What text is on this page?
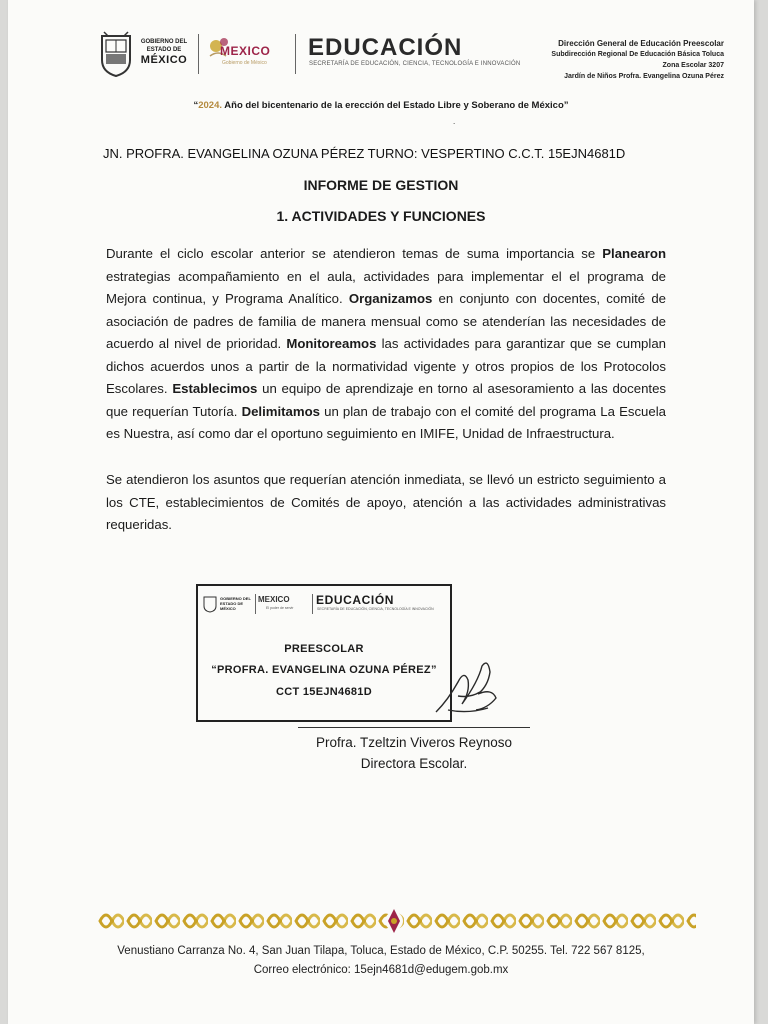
GOBIERNO DEL
ESTADO DE
MÉXICO
MEXICO
Gobierno de México
EDUCACIÓN
SECRETARÍA DE EDUCACIÓN, CIENCIA, TECNOLOGÍA E INNOVACIÓN
Dirección General de Educación Preescolar
Subdirección Regional De Educación Básica Toluca
Zona Escolar 3207
Jardín de Niños Profra. Evangelina Ozuna Pérez
“2024. Año del bicentenario de la erección del Estado Libre y Soberano de México”
.
JN. PROFRA. EVANGELINA OZUNA PÉREZ TURNO: VESPERTINO C.C.T. 15EJN4681D
INFORME DE GESTION
1. ACTIVIDADES Y FUNCIONES
Durante el ciclo escolar anterior se atendieron temas de suma importancia se Planearon estrategias acompañamiento en el aula, actividades para implementar el el programa de Mejora continua, y Programa Analítico. Organizamos en conjunto con docentes, comité de asociación de padres de familia de manera mensual como se atenderían las necesidades de acuerdo al nivel de prioridad. Monitoreamos las actividades para garantizar que se cumplan dichos acuerdos unos a partir de la normatividad vigente y otros propios de los Protocolos Escolares. Establecimos un equipo de aprendizaje en torno al asesoramiento a las docentes que requerían Tutoría. Delimitamos un plan de trabajo con el comité del programa La Escuela es Nuestra, así como dar el oportuno seguimiento en IMIFE, Unidad de Infraestructura.
Se atendieron los asuntos que requerían atención inmediata, se llevó un estricto seguimiento a los CTE, establecimientos de Comités de apoyo, atención a las actividades administrativas requeridas.
GOBIERNO DEL ESTADO DE MÉXICO
MEXICO
El poder de servir
EDUCACIÓN
SECRETARÍA DE EDUCACIÓN, CIENCIA, TECNOLOGÍA E INNOVACIÓN
PREESCOLAR
“PROFRA. EVANGELINA OZUNA PÉREZ”
CCT 15EJN4681D
Profra. Tzeltzin Viveros Reynoso
Directora Escolar.
Venustiano Carranza No. 4, San Juan Tilapa, Toluca, Estado de México, C.P. 50255. Tel. 722 567 8125,
Correo electrónico: 15ejn4681d@edugem.gob.mx
